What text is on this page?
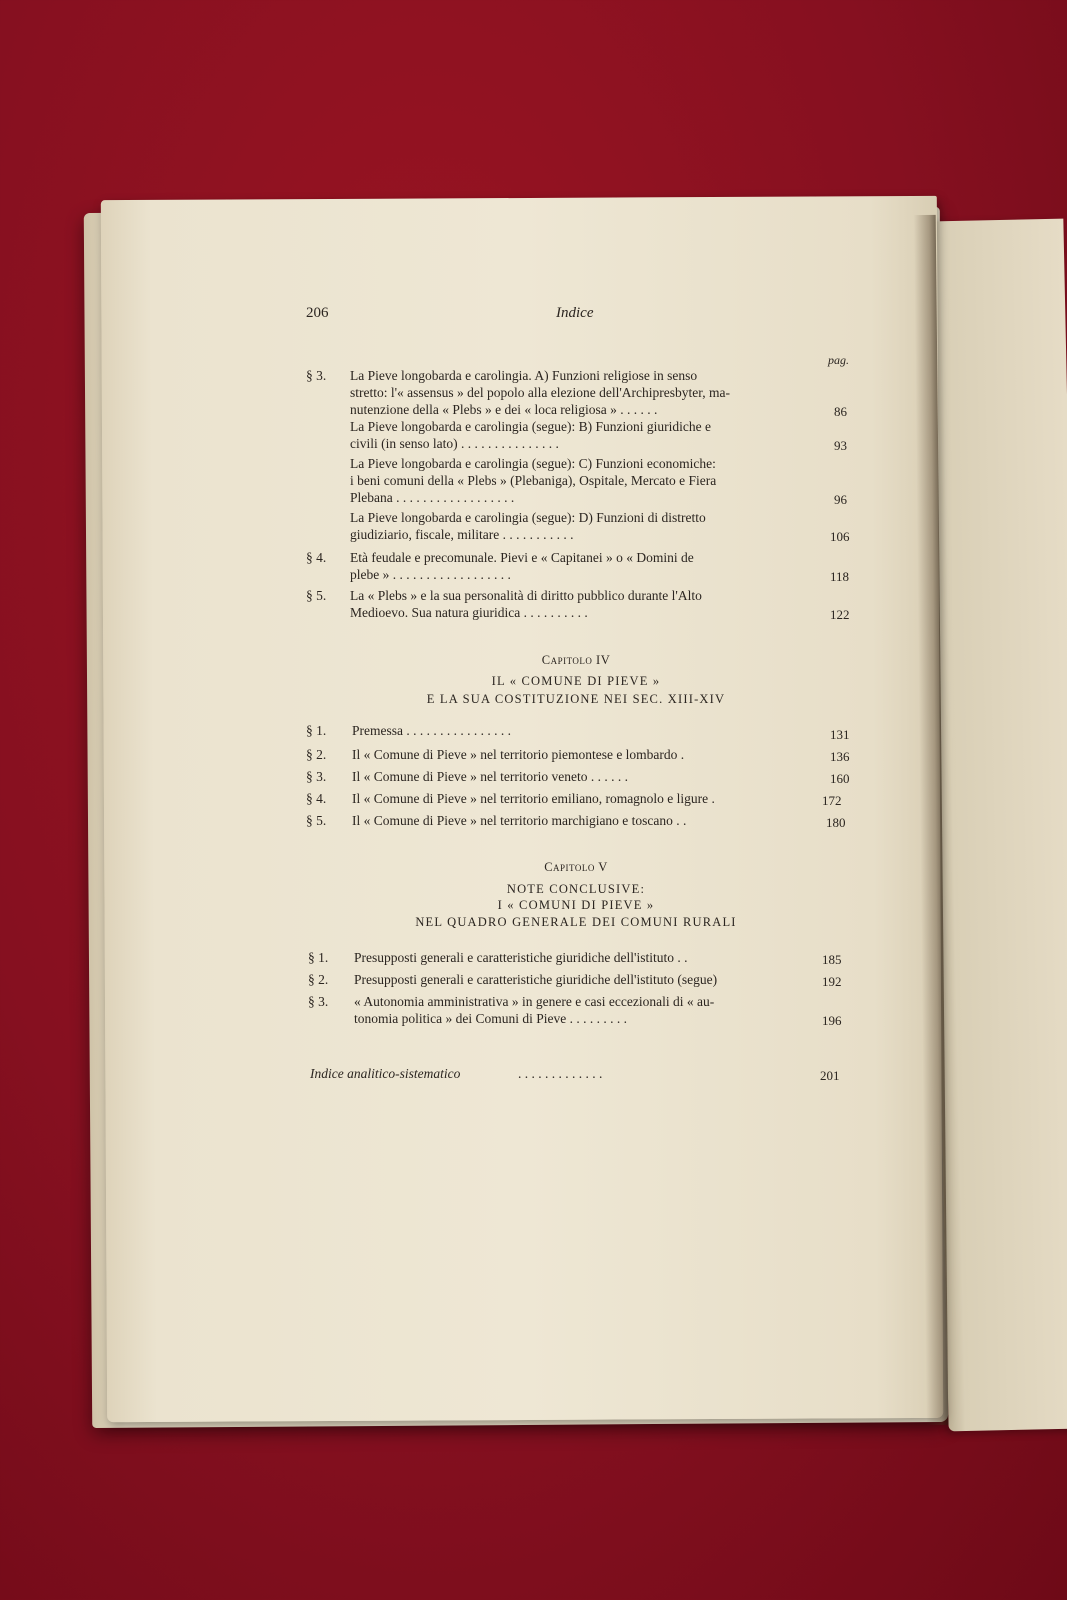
206	Indice
pag.
§ 3. La Pieve longobarda e carolingia. A) Funzioni religiose in senso
stretto: l'« assensus » del popolo alla elezione dell'Archipresbyter, ma-
nutenzione della « Plebs » e dei « loca religiosa » . . . . . .	86
La Pieve longobarda e carolingia (segue): B) Funzioni giuridiche e
civili (in senso lato) . . . . . . . . . . . . . . .	93
La Pieve longobarda e carolingia (segue): C) Funzioni economiche:
i beni comuni della « Plebs » (Plebaniga), Ospitale, Mercato e Fiera
Plebana . . . . . . . . . . . . . . . . . .	96
La Pieve longobarda e carolingia (segue): D) Funzioni di distretto
giudiziario, fiscale, militare . . . . . . . . . . .	106
§ 4. Età feudale e precomunale. Pievi e « Capitanei » o « Domini de
plebe » . . . . . . . . . . . . . . . . . .	118
§ 5. La « Plebs » e la sua personalità di diritto pubblico durante l'Alto
Medioevo. Sua natura giuridica . . . . . . . . . .	122
Capitolo IV
IL « COMUNE DI PIEVE »
E LA SUA COSTITUZIONE NEI SEC. XIII-XIV
§ 1. Premessa . . . . . . . . . . . . . . . .	131
§ 2. Il « Comune di Pieve » nel territorio piemontese e lombardo .	136
§ 3. Il « Comune di Pieve » nel territorio veneto . . . . . .	160
§ 4. Il « Comune di Pieve » nel territorio emiliano, romagnolo e ligure .	172
§ 5. Il « Comune di Pieve » nel territorio marchigiano e toscano . .	180
Capitolo V
NOTE CONCLUSIVE:
I « COMUNI DI PIEVE »
NEL QUADRO GENERALE DEI COMUNI RURALI
§ 1. Presupposti generali e caratteristiche giuridiche dell'istituto . .	185
§ 2. Presupposti generali e caratteristiche giuridiche dell'istituto (segue)	192
§ 3. « Autonomia amministrativa » in genere e casi eccezionali di « au-
tonomia politica » dei Comuni di Pieve . . . . . . . . .	196
Indice analitico-sistematico	. . . . . . . . . . . . .	201
